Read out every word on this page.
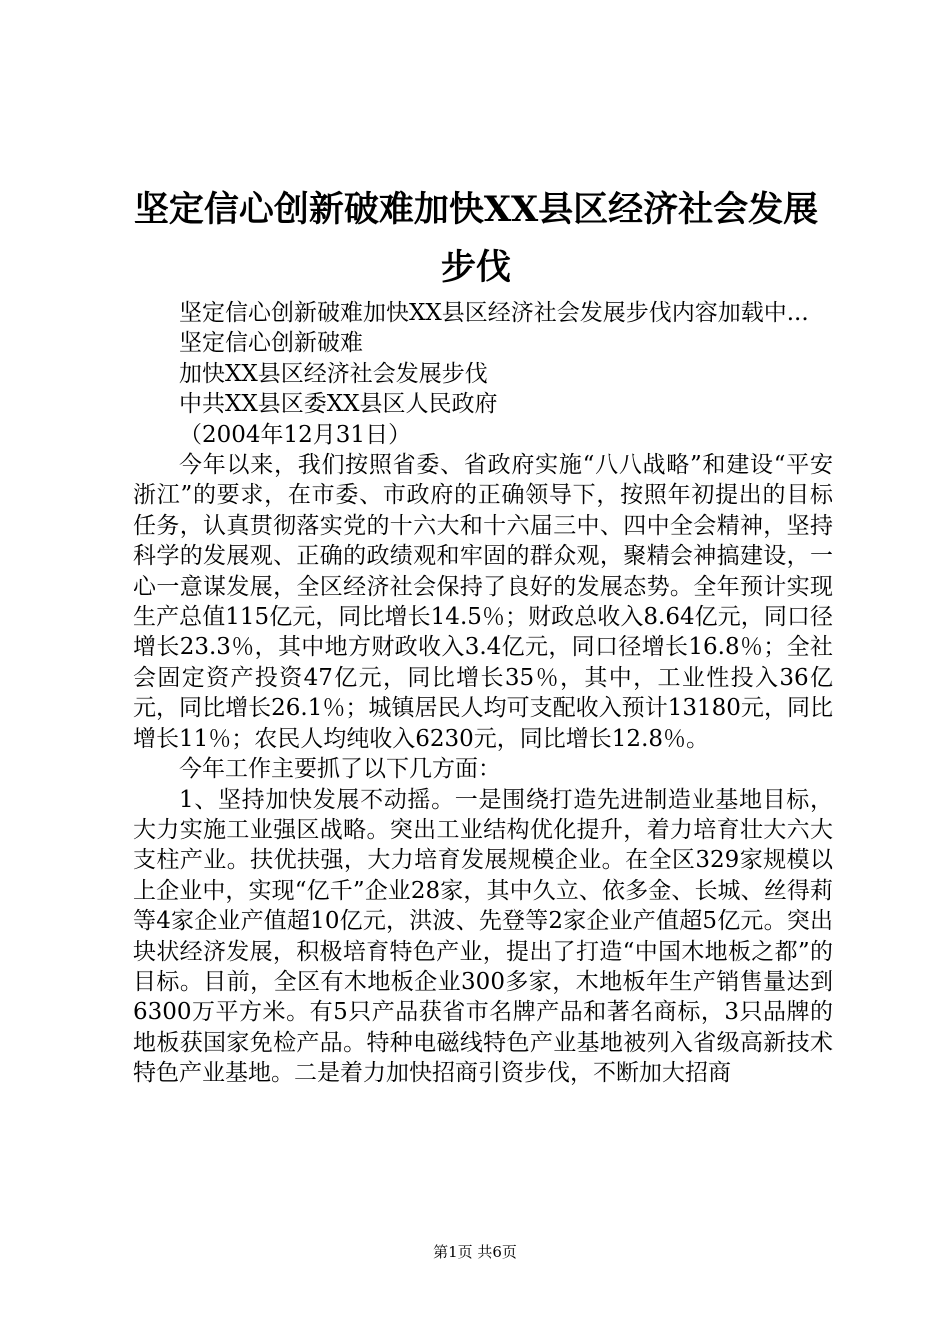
坚定信心创新破难加快XX县区经济社会发展
步伐

坚定信心创新破难加快XX县区经济社会发展步伐内容加载中...

坚定信心创新破难

加快XX县区经济社会发展步伐

中共XX县区委XX县区人民政府

（2004年12月31日）

今年以来，我们按照省委、省政府实施“八八战略”和建设“平安浙江”的要求，在市委、市政府的正确领导下，按照年初提出的目标任务，认真贯彻落实党的十六大和十六届三中、四中全会精神，坚持科学的发展观、正确的政绩观和牢固的群众观，聚精会神搞建设，一心一意谋发展，全区经济社会保持了良好的发展态势。全年预计实现生产总值115亿元，同比增长14.5％；财政总收入8.64亿元，同口径增长23.3％，其中地方财政收入3.4亿元，同口径增长16.8％；全社会固定资产投资47亿元，同比增长35％，其中，工业性投入36亿元，同比增长26.1％；城镇居民人均可支配收入预计13180元，同比增长11％；农民人均纯收入6230元，同比增长12.8％。

今年工作主要抓了以下几方面：

1、坚持加快发展不动摇。一是围绕打造先进制造业基地目标，大力实施工业强区战略。突出工业结构优化提升，着力培育壮大六大支柱产业。扶优扶强，大力培育发展规模企业。在全区329家规模以上企业中，实现“亿千”企业28家，其中久立、依多金、长城、丝得莉等4家企业产值超10亿元，洪波、先登等2家企业产值超5亿元。突出块状经济发展，积极培育特色产业，提出了打造“中国木地板之都”的目标。目前，全区有木地板企业300多家，木地板年生产销售量达到6300万平方米。有5只产品获省市名牌产品和著名商标，3只品牌的地板获国家免检产品。特种电磁线特色产业基地被列入省级高新技术特色产业基地。二是着力加快招商引资步伐，不断加大招商

第1页 共6页
